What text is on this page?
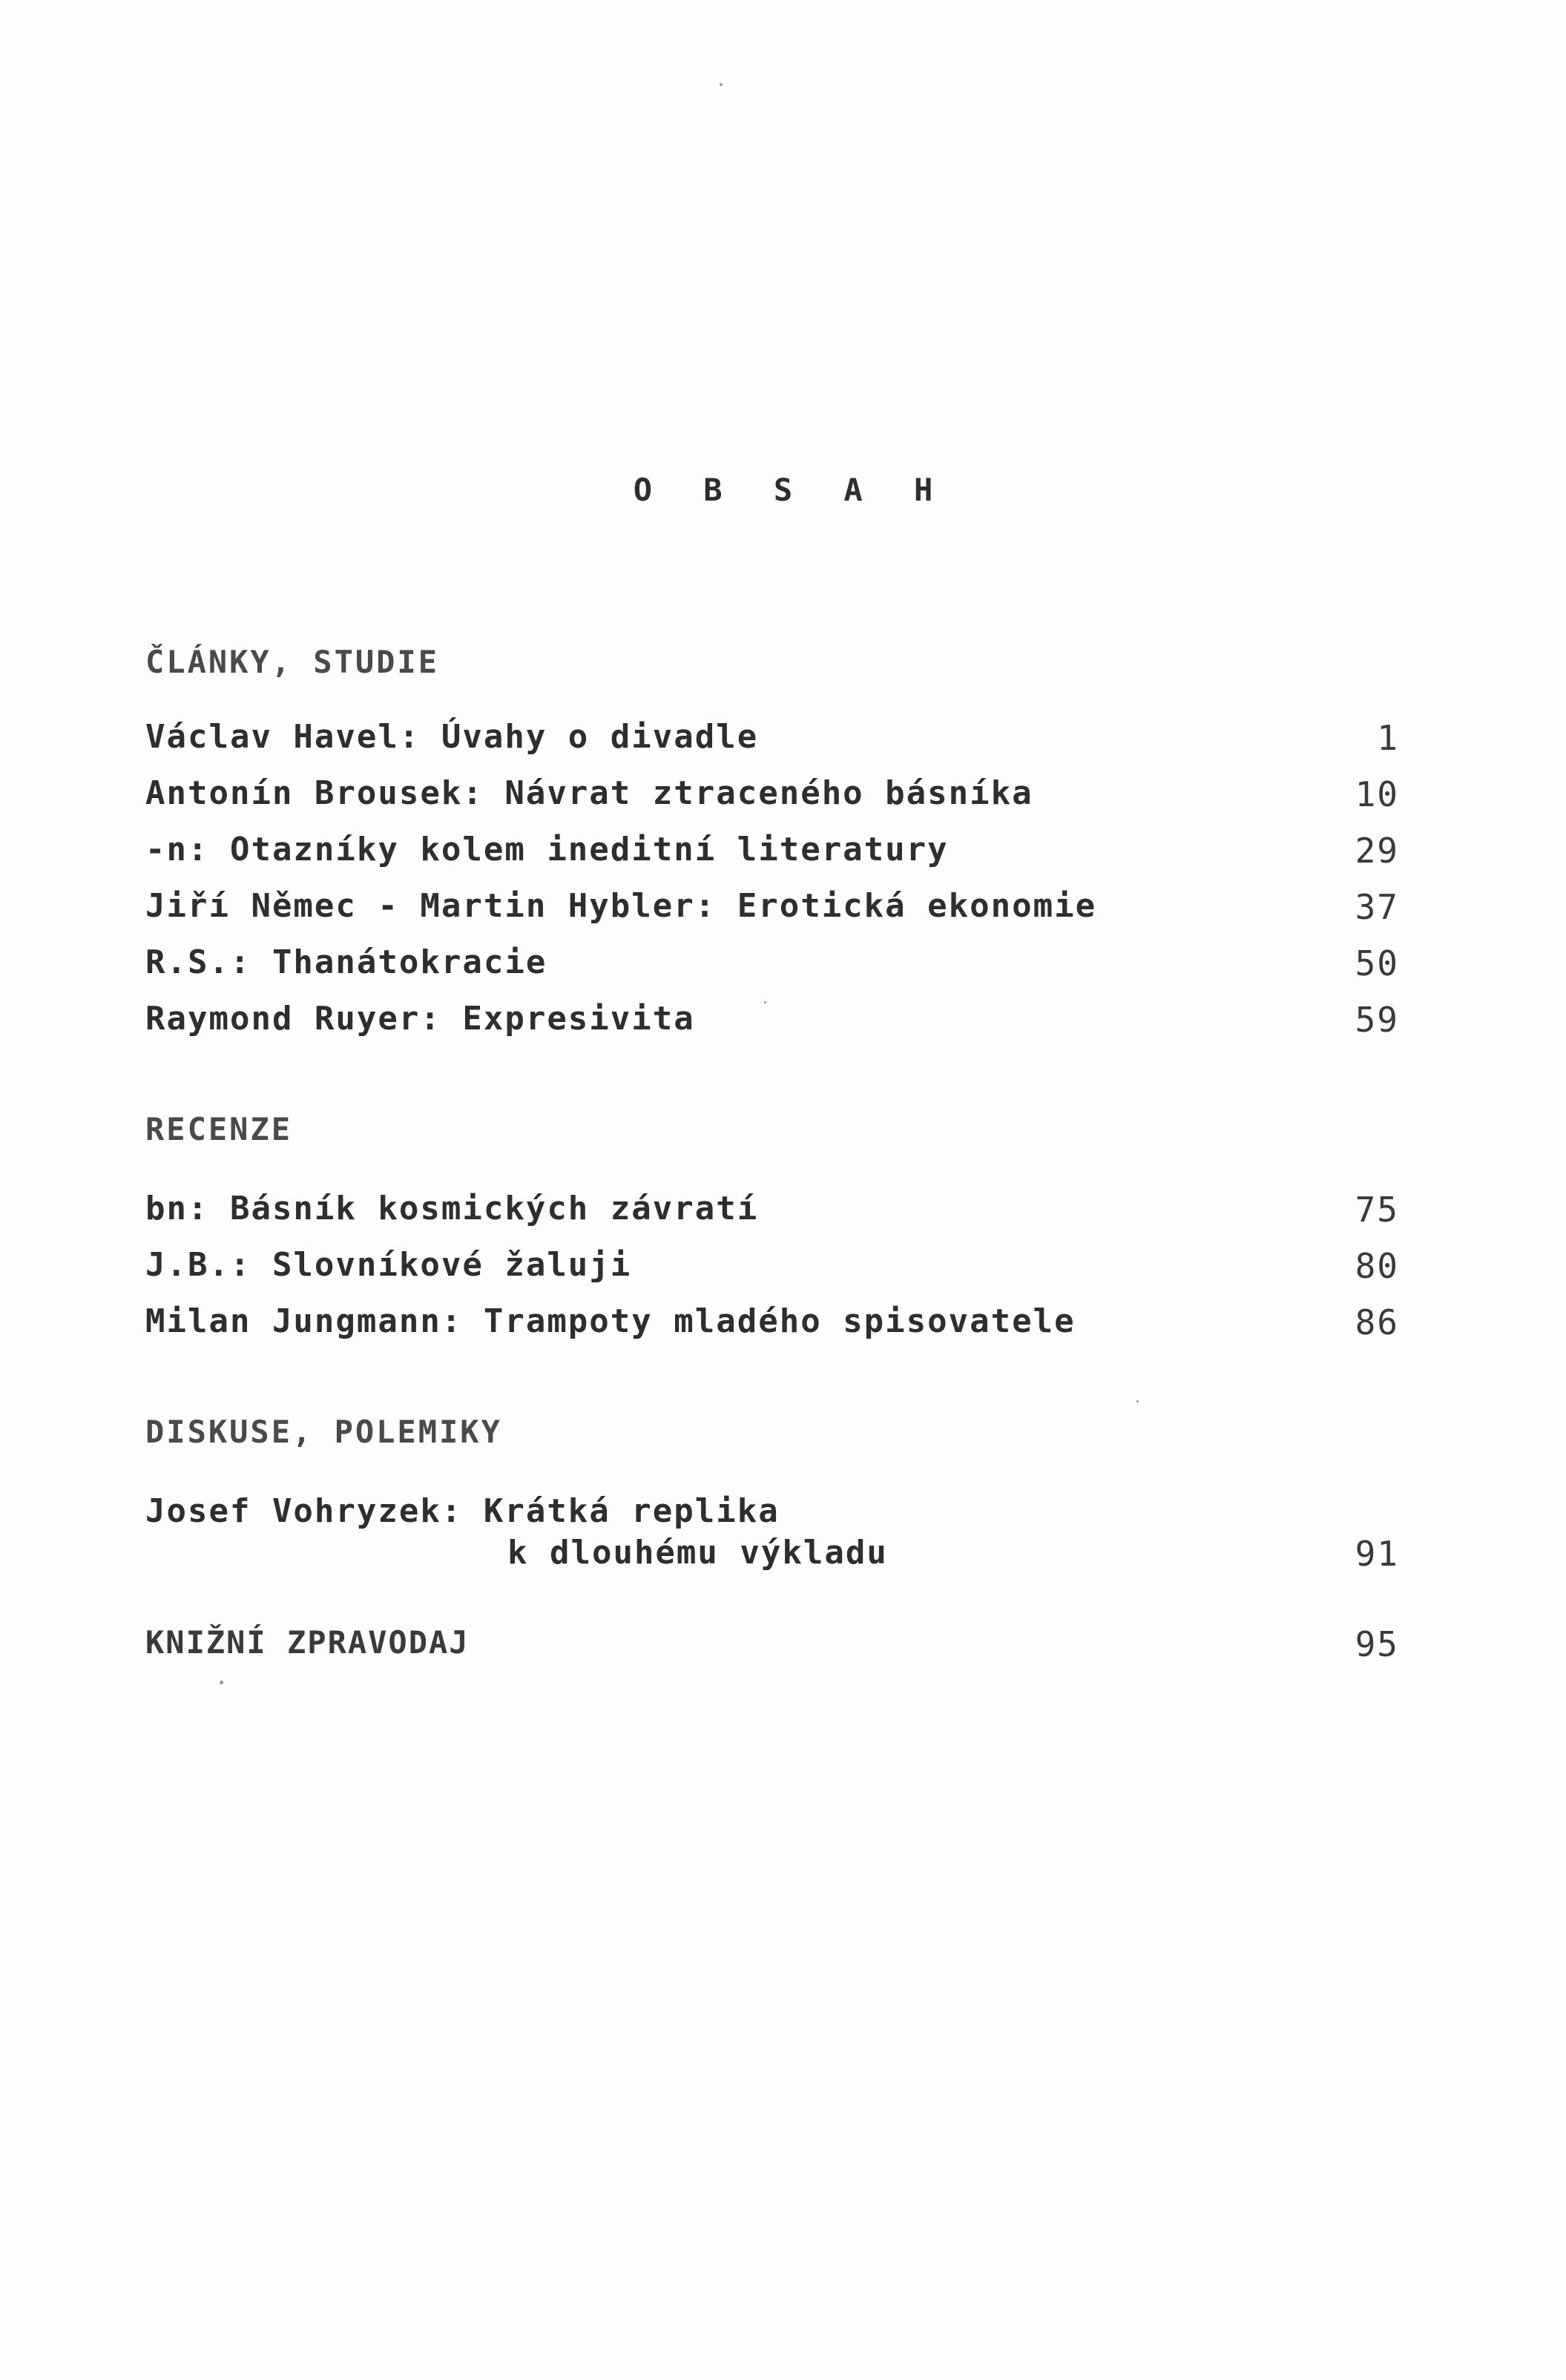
O B S A H
ČLÁNKY, STUDIE
Václav Havel: Úvahy o divadle	1
Antonín Brousek: Návrat ztraceného básníka	10
-n: Otazníky kolem ineditní literatury	29
Jiří Němec - Martin Hybler: Erotická ekonomie	37
R.S.: Thanátokracie	50
Raymond Ruyer: Expresivita	59
RECENZE
bn: Básník kosmických závratí	75
J.B.: Slovníkové žaluji	80
Milan Jungmann: Trampoty mladého spisovatele	86
DISKUSE, POLEMIKY
Josef Vohryzek: Krátká replika
k dlouhému výkladu	91
KNIŽNÍ ZPRAVODAJ	95
